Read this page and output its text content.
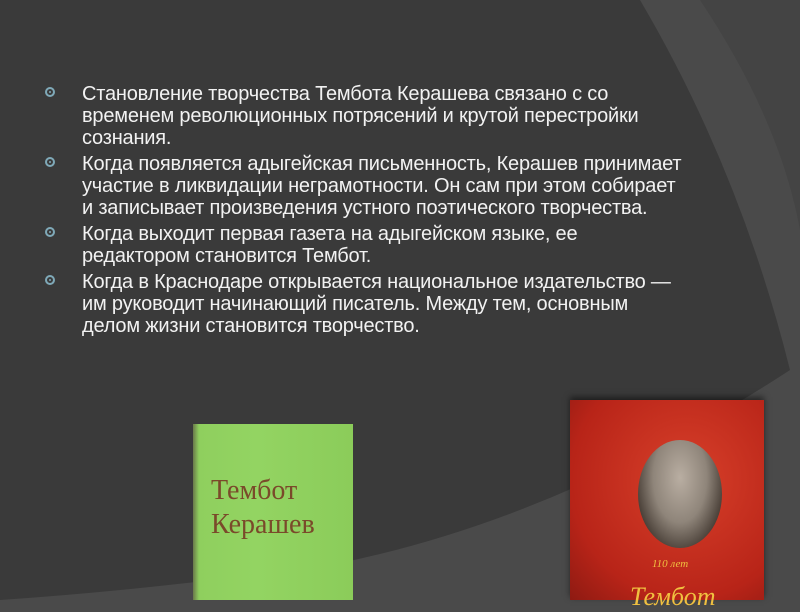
Становление творчества Тембота Керашева связано с со временем революционных потрясений и крутой перестройки сознания.
Когда появляется адыгейская письменность, Керашев принимает участие в ликвидации неграмотности. Он сам при этом собирает и записывает произведения устного поэтического творчества.
Когда выходит первая газета на адыгейском языке, ее редактором становится Тембот.
Когда в Краснодаре открывается национальное издательство — им руководит начинающий писатель. Между тем, основным делом жизни становится творчество.
Тембот
Керашев
110 лет
Тембот
